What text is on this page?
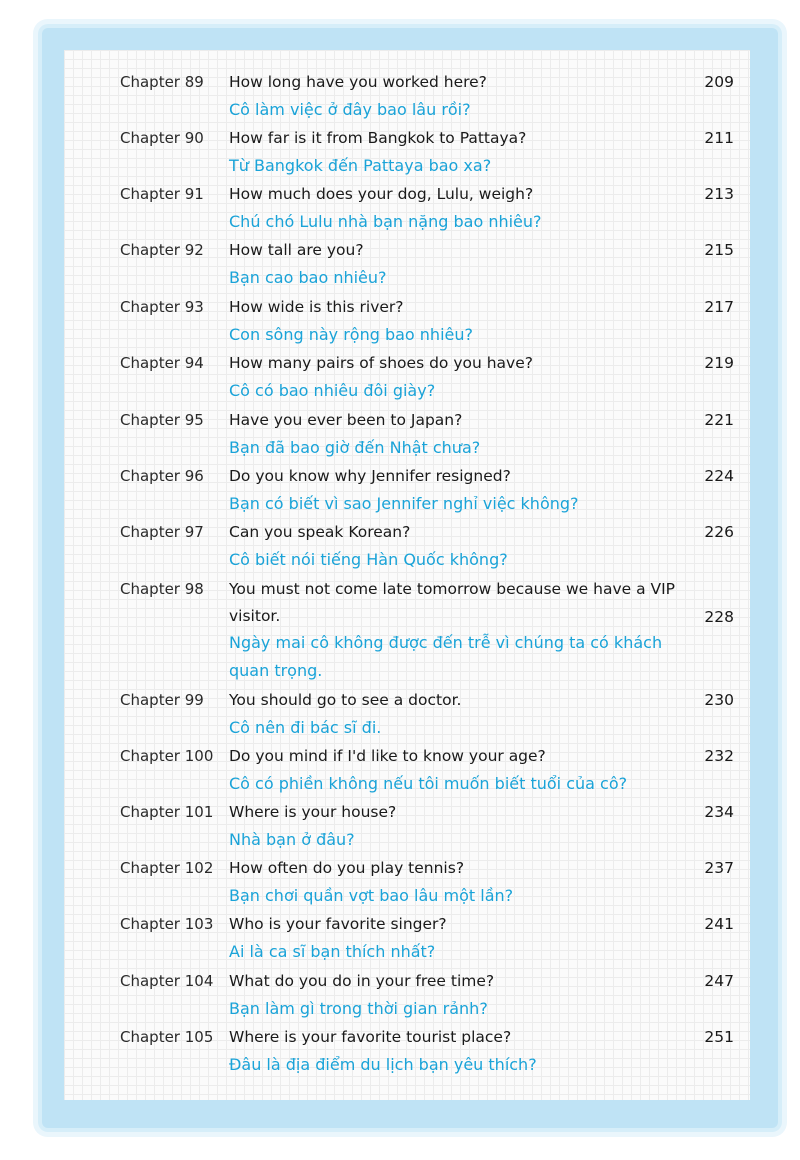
Chapter 89 How long have you worked here?	209
Cô làm việc ở đây bao lâu rồi?
Chapter 90 How far is it from Bangkok to Pattaya?	211
Từ Bangkok đến Pattaya bao xa?
Chapter 91 How much does your dog, Lulu, weigh?	213
Chú chó Lulu nhà bạn nặng bao nhiêu?
Chapter 92 How tall are you?	215
Bạn cao bao nhiêu?
Chapter 93 How wide is this river?	217
Con sông này rộng bao nhiêu?
Chapter 94 How many pairs of shoes do you have?	219
Cô có bao nhiêu đôi giày?
Chapter 95 Have you ever been to Japan?	221
Bạn đã bao giờ đến Nhật chưa?
Chapter 96 Do you know why Jennifer resigned?	224
Bạn có biết vì sao Jennifer nghỉ việc không?
Chapter 97 Can you speak Korean?	226
Cô biết nói tiếng Hàn Quốc không?
Chapter 98 You must not come late tomorrow because we have a VIP visitor.	228
Ngày mai cô không được đến trễ vì chúng ta có khách quan trọng.
Chapter 99 You should go to see a doctor.	230
Cô nên đi bác sĩ đi.
Chapter 100 Do you mind if I'd like to know your age?	232
Cô có phiền không nếu tôi muốn biết tuổi của cô?
Chapter 101 Where is your house?	234
Nhà bạn ở đâu?
Chapter 102 How often do you play tennis?	237
Bạn chơi quần vợt bao lâu một lần?
Chapter 103 Who is your favorite singer?	241
Ai là ca sĩ bạn thích nhất?
Chapter 104 What do you do in your free time?	247
Bạn làm gì trong thời gian rảnh?
Chapter 105 Where is your favorite tourist place?	251
Đâu là địa điểm du lịch bạn yêu thích?
